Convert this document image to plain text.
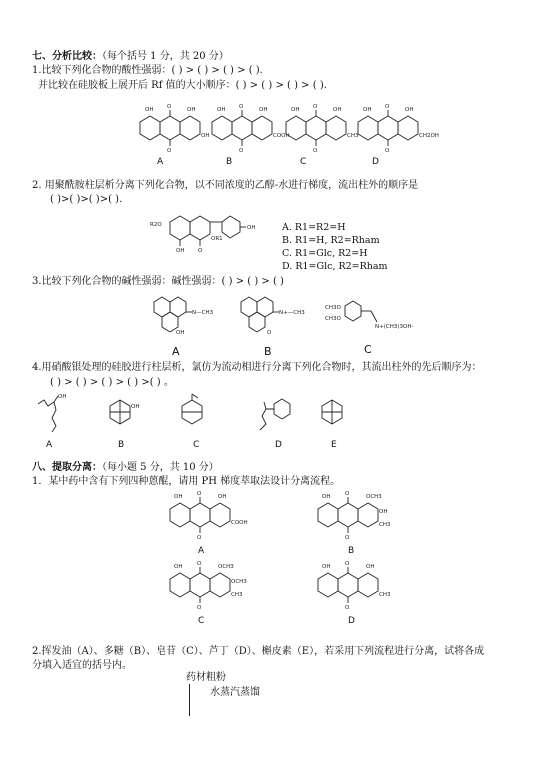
七、分析比较：（每个括号 1 分，共 20 分）
1.比较下列化合物的酸性强弱：( ) > ( ) > ( ) > ( ).
并比较在硅胶板上展开后 Rf 值的大小顺序：( ) > ( ) > ( ) > ( ).
OH O	OH
O
OH
OH O	OH
O
COOH
OH O	OH
O
CH3
OH O	OH
O
CH2OH
A	B	C	D
2. 用聚酰胺柱层析分离下列化合物，以不同浓度的乙醇-水进行梯度，流出柱外的顺序是
( )>( )>( )>( ).
R2O
OR1
OH
OH O
A. R1=R2=H
B. R1=H, R2=Rham
C. R1=Glc, R2=H
D. R1=Glc, R2=Rham
3.比较下列化合物的碱性强弱：碱性强弱：( ) > ( ) > ( )
N—CH3
OH
N+—CH3
O
CH3O
CH3O
N+(CH3)3OH-
A	B	C
4.用硝酸银处理的硅胶进行柱层析，氯仿为流动相进行分离下列化合物时，其流出柱外的先后顺序为：
( ) > ( ) > ( ) > ( ) >( ) 。
OH
OH
A	B	C	D	E
八、提取分离：（每小题 5 分，共 10 分）
1．某中药中含有下列四种蒽醌，请用 PH 梯度萃取法设计分离流程。
OH	O	OH
O
COOH
OH	O	OCH3
OH
O
CH3
A	B
OH	O	OCH3
OCH3
O
CH3
OH	O	OH
O
CH3
C	D
2.挥发油（A）、多糖（B）、皂苷（C）、芦丁（D）、槲皮素（E），若采用下列流程进行分离，试将各成
分填入适宜的括号内。
药材粗粉
水蒸汽蒸馏
